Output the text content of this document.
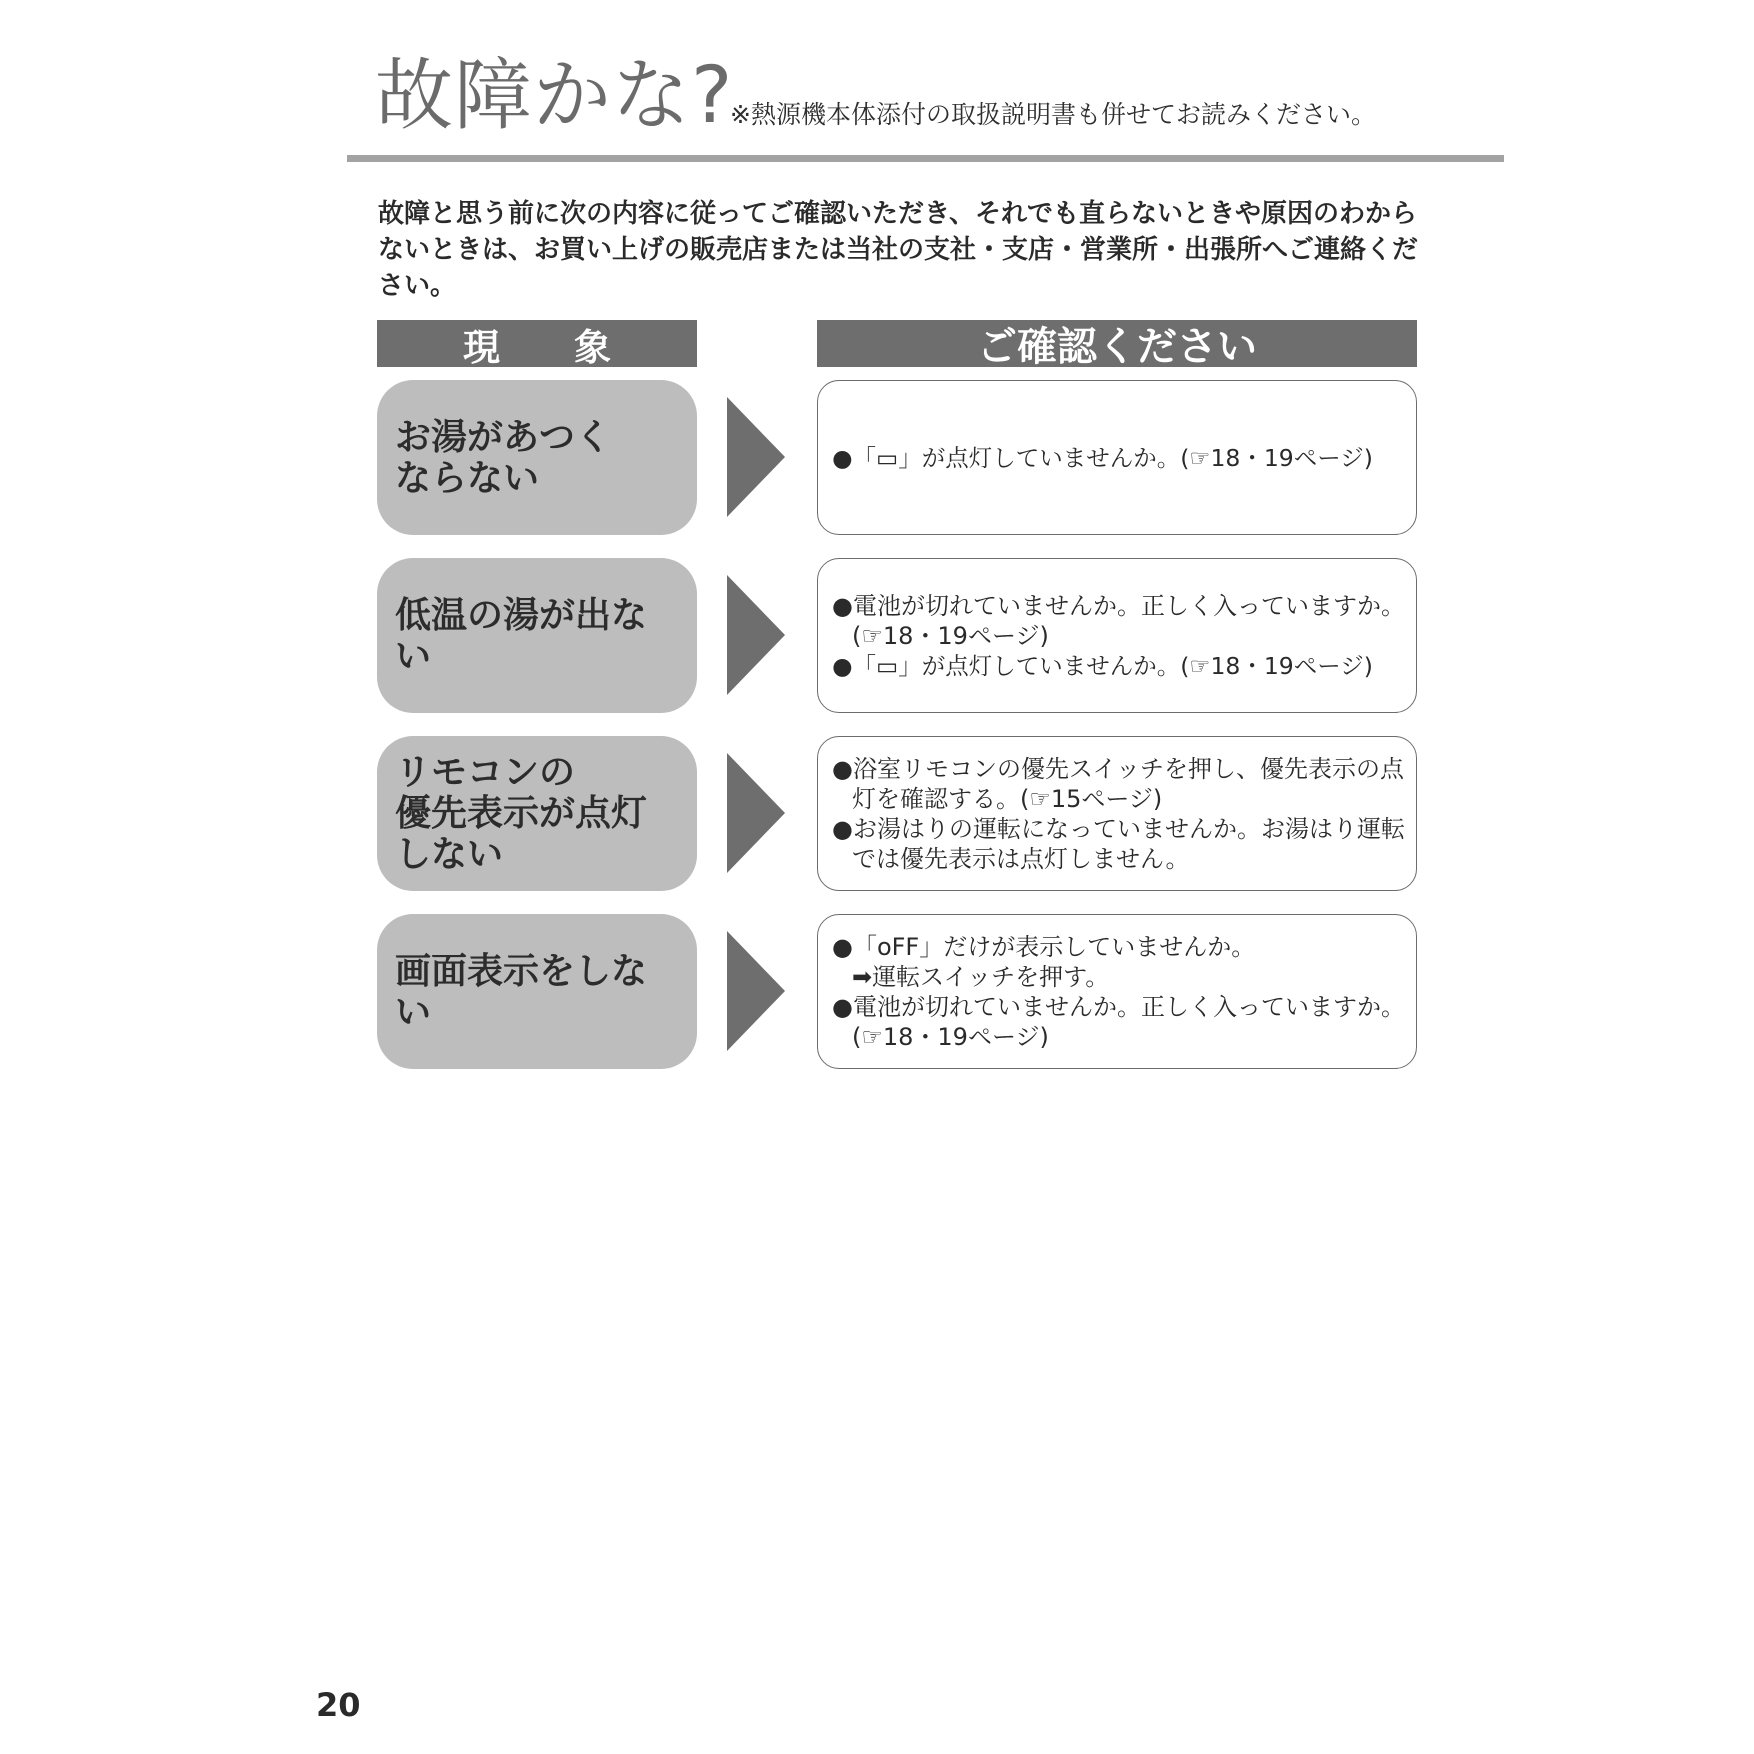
故障かな?
※熱源機本体添付の取扱説明書も併せてお読みください。
故障と思う前に次の内容に従ってご確認いただき、それでも直らないときや原因のわからないときは、お買い上げの販売店または当社の支社・支店・営業所・出張所へご連絡ください。
現　　象	ご確認ください
お湯があつく
ならない	●「▭」が点灯していませんか。(☞18・19ページ)
低温の湯が出ない
●電池が切れていませんか。正しく入っていますか。
(☞18・19ページ)
●「▭」が点灯していませんか。(☞18・19ページ)
リモコンの
優先表示が点灯
しない
●浴室リモコンの優先スイッチを押し、優先表示の点
灯を確認する。(☞15ページ)
●お湯はりの運転になっていませんか。お湯はり運転
では優先表示は点灯しません。
画面表示をしない
●「oFF」だけが表示していませんか。
➡運転スイッチを押す。
●電池が切れていませんか。正しく入っていますか。
(☞18・19ページ)
20
